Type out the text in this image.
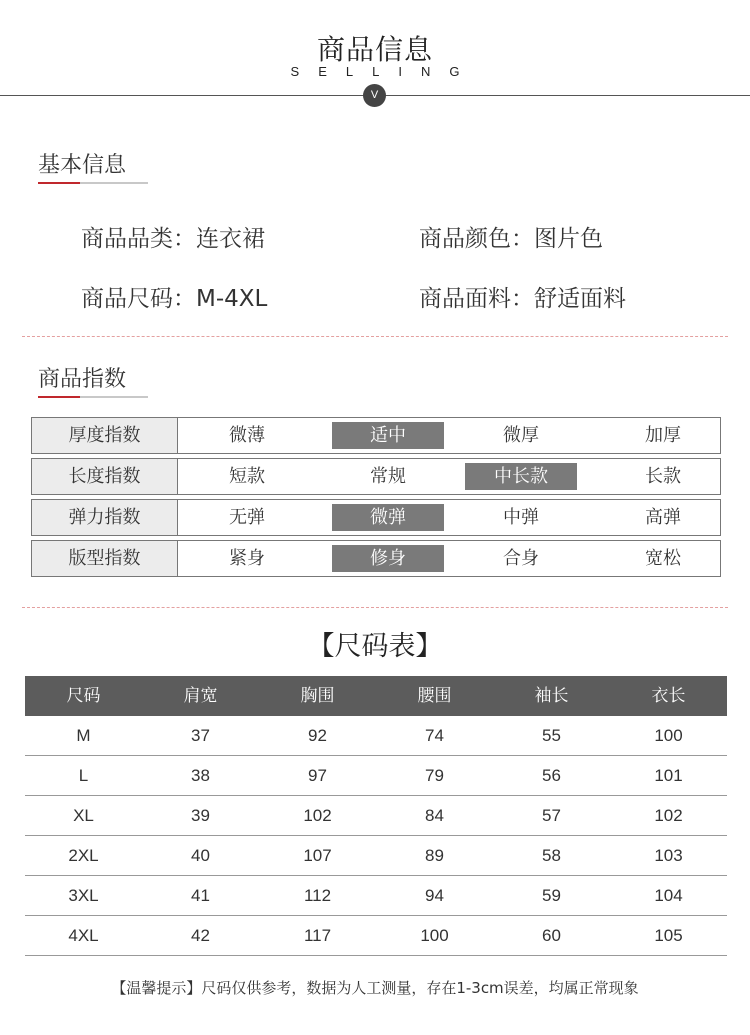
商品信息
SELLING
V
基本信息
商品品类：连衣裙	商品颜色：图片色
商品尺码：M-4XL	商品面料：舒适面料
商品指数
厚度指数	微薄	适中	微厚	加厚
长度指数	短款	常规	中长款	长款
弹力指数	无弹	微弹	中弹	高弹
版型指数	紧身	修身	合身	宽松
【尺码表】
尺码	肩宽	胸围	腰围	袖长	衣长
M	37	92	74	55	100
L	38	97	79	56	101
XL	39	102	84	57	102
2XL	40	107	89	58	103
3XL	41	112	94	59	104
4XL	42	117	100	60	105
【温馨提示】尺码仅供参考，数据为人工测量，存在1-3cm误差，均属正常现象
